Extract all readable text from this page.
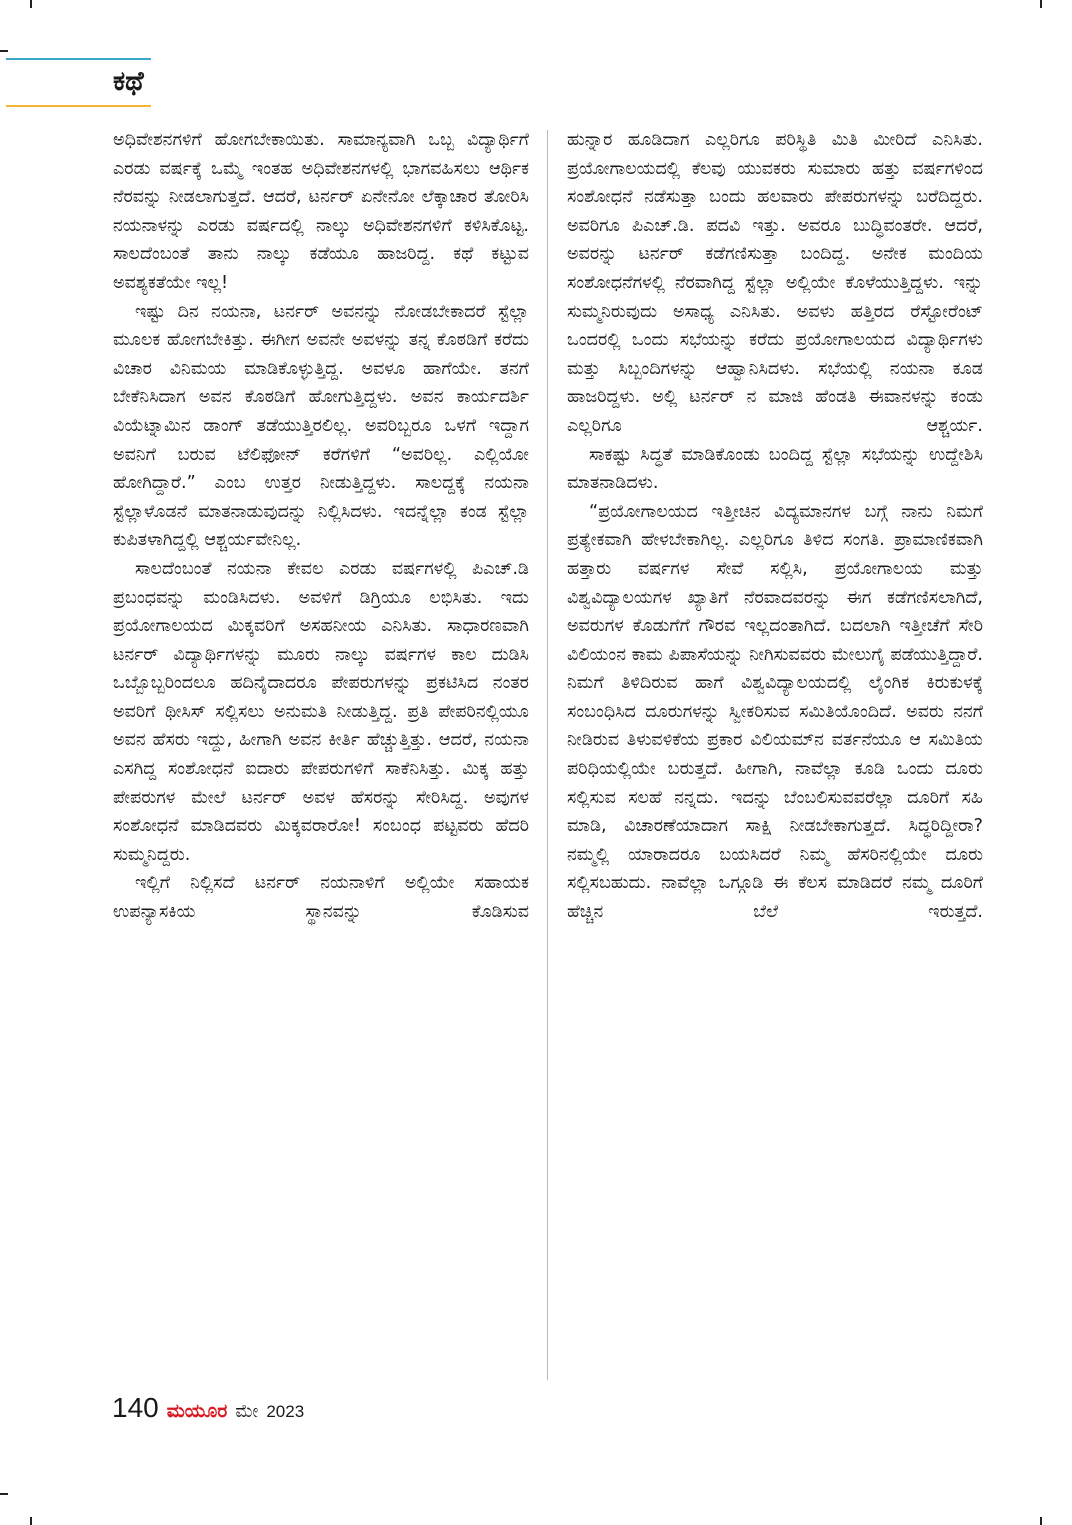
ಕಥೆ

ಅಧಿವೇಶನಗಳಿಗೆ ಹೋಗಬೇಕಾಯಿತು. ಸಾಮಾನ್ಯವಾಗಿ ಒಬ್ಬ ವಿದ್ಯಾರ್ಥಿಗೆ ಎರಡು ವರ್ಷಕ್ಕೆ ಒಮ್ಮೆ ಇಂತಹ ಅಧಿವೇಶನಗಳಲ್ಲಿ ಭಾಗವಹಿಸಲು ಆರ್ಥಿಕ ನೆರವನ್ನು ನೀಡಲಾಗುತ್ತದೆ. ಆದರೆ, ಟರ್ನರ್ ಏನೇನೋ ಲೆಕ್ಕಾಚಾರ ತೋರಿಸಿ ನಯನಾಳನ್ನು ಎರಡು ವರ್ಷದಲ್ಲಿ ನಾಲ್ಕು ಅಧಿವೇಶನಗಳಿಗೆ ಕಳಿಸಿಕೊಟ್ಟ. ಸಾಲದೆಂಬಂತೆ ತಾನು ನಾಲ್ಕು ಕಡೆಯೂ ಹಾಜರಿದ್ದ. ಕಥೆ ಕಟ್ಟುವ ಅವಶ್ಯಕತೆಯೇ ಇಲ್ಲ!

ಇಷ್ಟು ದಿನ ನಯನಾ, ಟರ್ನರ್ ಅವನನ್ನು ನೋಡಬೇಕಾದರೆ ಸ್ಟೆಲ್ಲಾ ಮೂಲಕ ಹೋಗಬೇಕಿತ್ತು. ಈಗೀಗ ಅವನೇ ಅವಳನ್ನು ತನ್ನ ಕೊಠಡಿಗೆ ಕರೆದು ವಿಚಾರ ವಿನಿಮಯ ಮಾಡಿಕೊಳ್ಳುತ್ತಿದ್ದ. ಅವಳೂ ಹಾಗೆಯೇ. ತನಗೆ ಬೇಕೆನಿಸಿದಾಗ ಅವನ ಕೊಠಡಿಗೆ ಹೋಗುತ್ತಿದ್ದಳು. ಅವನ ಕಾರ್ಯದರ್ಶಿ ವಿಯೆಟ್ನಾಮಿನ ಡಾಂಗ್ ತಡೆಯುತ್ತಿರಲಿಲ್ಲ. ಅವರಿಬ್ಬರೂ ಒಳಗೆ ಇದ್ದಾಗ ಅವನಿಗೆ ಬರುವ ಟೆಲಿಫೋನ್ ಕರೆಗಳಿಗೆ “ಅವರಿಲ್ಲ. ಎಲ್ಲಿಯೋ ಹೋಗಿದ್ದಾರೆ.” ಎಂಬ ಉತ್ತರ ನೀಡುತ್ತಿದ್ದಳು. ಸಾಲದ್ದಕ್ಕೆ ನಯನಾ ಸ್ಟೆಲ್ಲಾಳೊಡನೆ ಮಾತನಾಡುವುದನ್ನು ನಿಲ್ಲಿಸಿದಳು. ಇದನ್ನೆಲ್ಲಾ ಕಂಡ ಸ್ಟೆಲ್ಲಾ ಕುಪಿತಳಾಗಿದ್ದಲ್ಲಿ ಆಶ್ಚರ್ಯವೇನಿಲ್ಲ.

ಸಾಲದೆಂಬಂತೆ ನಯನಾ ಕೇವಲ ಎರಡು ವರ್ಷಗಳಲ್ಲಿ ಪಿಎಚ್.ಡಿ ಪ್ರಬಂಧವನ್ನು ಮಂಡಿಸಿದಳು. ಅವಳಿಗೆ ಡಿಗ್ರಿಯೂ ಲಭಿಸಿತು. ಇದು ಪ್ರಯೋಗಾಲಯದ ಮಿಕ್ಕವರಿಗೆ ಅಸಹನೀಯ ಎನಿಸಿತು. ಸಾಧಾರಣವಾಗಿ ಟರ್ನರ್ ವಿದ್ಯಾರ್ಥಿಗಳನ್ನು ಮೂರು ನಾಲ್ಕು ವರ್ಷಗಳ ಕಾಲ ದುಡಿಸಿ ಒಬ್ಬೊಬ್ಬರಿಂದಲೂ ಹದಿನೈದಾದರೂ ಪೇಪರುಗಳನ್ನು ಪ್ರಕಟಿಸಿದ ನಂತರ ಅವರಿಗೆ ಥೀಸಿಸ್ ಸಲ್ಲಿಸಲು ಅನುಮತಿ ನೀಡುತ್ತಿದ್ದ. ಪ್ರತಿ ಪೇಪರಿನಲ್ಲಿಯೂ ಅವನ ಹೆಸರು ಇದ್ದು, ಹೀಗಾಗಿ ಅವನ ಕೀರ್ತಿ ಹೆಚ್ಚುತ್ತಿತ್ತು. ಆದರೆ, ನಯನಾ ಎಸಗಿದ್ದ ಸಂಶೋಧನೆ ಐದಾರು ಪೇಪರುಗಳಿಗೆ ಸಾಕೆನಿಸಿತ್ತು. ಮಿಕ್ಕ ಹತ್ತು ಪೇಪರುಗಳ ಮೇಲೆ ಟರ್ನರ್ ಅವಳ ಹೆಸರನ್ನು ಸೇರಿಸಿದ್ದ. ಅವುಗಳ ಸಂಶೋಧನೆ ಮಾಡಿದವರು ಮಿಕ್ಕವರಾರೋ! ಸಂಬಂಧ ಪಟ್ಟವರು ಹೆದರಿ ಸುಮ್ಮನಿದ್ದರು.

ಇಲ್ಲಿಗೆ ನಿಲ್ಲಿಸದೆ ಟರ್ನರ್ ನಯನಾಳಿಗೆ ಅಲ್ಲಿಯೇ ಸಹಾಯಕ ಉಪನ್ಯಾಸಕಿಯ ಸ್ಥಾನವನ್ನು ಕೊಡಿಸುವ

ಹುನ್ನಾರ ಹೂಡಿದಾಗ ಎಲ್ಲರಿಗೂ ಪರಿಸ್ಥಿತಿ ಮಿತಿ ಮೀರಿದೆ ಎನಿಸಿತು. ಪ್ರಯೋಗಾಲಯದಲ್ಲಿ ಕೆಲವು ಯುವಕರು ಸುಮಾರು ಹತ್ತು ವರ್ಷಗಳಿಂದ ಸಂಶೋಧನೆ ನಡೆಸುತ್ತಾ ಬಂದು ಹಲವಾರು ಪೇಪರುಗಳನ್ನು ಬರೆದಿದ್ದರು. ಅವರಿಗೂ ಪಿಎಚ್.ಡಿ. ಪದವಿ ಇತ್ತು. ಅವರೂ ಬುದ್ಧಿವಂತರೇ. ಆದರೆ, ಅವರನ್ನು ಟರ್ನರ್ ಕಡೆಗಣಿಸುತ್ತಾ ಬಂದಿದ್ದ. ಅನೇಕ ಮಂದಿಯ ಸಂಶೋಧನೆಗಳಲ್ಲಿ ನೆರವಾಗಿದ್ದ ಸ್ಟೆಲ್ಲಾ ಅಲ್ಲಿಯೇ ಕೊಳೆಯುತ್ತಿದ್ದಳು. ಇನ್ನು ಸುಮ್ಮನಿರುವುದು ಅಸಾಧ್ಯ ಎನಿಸಿತು. ಅವಳು ಹತ್ತಿರದ ರೆಸ್ಟೋರೆಂಟ್ ಒಂದರಲ್ಲಿ ಒಂದು ಸಭೆಯನ್ನು ಕರೆದು ಪ್ರಯೋಗಾಲಯದ ವಿದ್ಯಾರ್ಥಿಗಳು ಮತ್ತು ಸಿಬ್ಬಂದಿಗಳನ್ನು ಆಹ್ವಾನಿಸಿದಳು. ಸಭೆಯಲ್ಲಿ ನಯನಾ ಕೂಡ ಹಾಜರಿದ್ದಳು. ಅಲ್ಲಿ ಟರ್ನರ್ ನ ಮಾಜಿ ಹೆಂಡತಿ ಈವಾನಳನ್ನು ಕಂಡು ಎಲ್ಲರಿಗೂ ಆಶ್ಚರ್ಯ.

ಸಾಕಷ್ಟು ಸಿದ್ಧತೆ ಮಾಡಿಕೊಂಡು ಬಂದಿದ್ದ ಸ್ಟೆಲ್ಲಾ ಸಭೆಯನ್ನು ಉದ್ದೇಶಿಸಿ ಮಾತನಾಡಿದಳು.

“ಪ್ರಯೋಗಾಲಯದ ಇತ್ತೀಚಿನ ವಿದ್ಯಮಾನಗಳ ಬಗ್ಗೆ ನಾನು ನಿಮಗೆ ಪ್ರತ್ಯೇಕವಾಗಿ ಹೇಳಬೇಕಾಗಿಲ್ಲ. ಎಲ್ಲರಿಗೂ ತಿಳಿದ ಸಂಗತಿ. ಪ್ರಾಮಾಣಿಕವಾಗಿ ಹತ್ತಾರು ವರ್ಷಗಳ ಸೇವೆ ಸಲ್ಲಿಸಿ, ಪ್ರಯೋಗಾಲಯ ಮತ್ತು ವಿಶ್ವವಿದ್ಯಾಲಯಗಳ ಖ್ಯಾತಿಗೆ ನೆರವಾದವರನ್ನು ಈಗ ಕಡೆಗಣಿಸಲಾಗಿದೆ, ಅವರುಗಳ ಕೊಡುಗೆಗೆ ಗೌರವ ಇಲ್ಲದಂತಾಗಿದೆ. ಬದಲಾಗಿ ಇತ್ತೀಚೆಗೆ ಸೇರಿ ವಿಲಿಯಂನ ಕಾಮ ಪಿಪಾಸೆಯನ್ನು ನೀಗಿಸುವವರು ಮೇಲುಗೈ ಪಡೆಯುತ್ತಿದ್ದಾರೆ. ನಿಮಗೆ ತಿಳಿದಿರುವ ಹಾಗೆ ವಿಶ್ವವಿದ್ಯಾಲಯದಲ್ಲಿ ಲೈಂಗಿಕ ಕಿರುಕುಳಕ್ಕೆ ಸಂಬಂಧಿಸಿದ ದೂರುಗಳನ್ನು ಸ್ವೀಕರಿಸುವ ಸಮಿತಿಯೊಂದಿದೆ. ಅವರು ನನಗೆ ನೀಡಿರುವ ತಿಳುವಳಿಕೆಯ ಪ್ರಕಾರ ವಿಲಿಯಮ್‌ನ ವರ್ತನೆಯೂ ಆ ಸಮಿತಿಯ ಪರಿಧಿಯಲ್ಲಿಯೇ ಬರುತ್ತದೆ. ಹೀಗಾಗಿ, ನಾವೆಲ್ಲಾ ಕೂಡಿ ಒಂದು ದೂರು ಸಲ್ಲಿಸುವ ಸಲಹೆ ನನ್ನದು. ಇದನ್ನು ಬೆಂಬಲಿಸುವವರೆಲ್ಲಾ ದೂರಿಗೆ ಸಹಿ ಮಾಡಿ, ವಿಚಾರಣೆಯಾದಾಗ ಸಾಕ್ಷಿ ನೀಡಬೇಕಾಗುತ್ತದೆ. ಸಿದ್ಧರಿದ್ದೀರಾ? ನಮ್ಮಲ್ಲಿ ಯಾರಾದರೂ ಬಯಸಿದರೆ ನಿಮ್ಮ ಹೆಸರಿನಲ್ಲಿಯೇ ದೂರು ಸಲ್ಲಿಸಬಹುದು. ನಾವೆಲ್ಲಾ ಒಗ್ಗೂಡಿ ಈ ಕೆಲಸ ಮಾಡಿದರೆ ನಮ್ಮ ದೂರಿಗೆ ಹೆಚ್ಚಿನ ಬೆಲೆ ಇರುತ್ತದೆ.

140 ಮಯೂರ ಮೇ 2023
